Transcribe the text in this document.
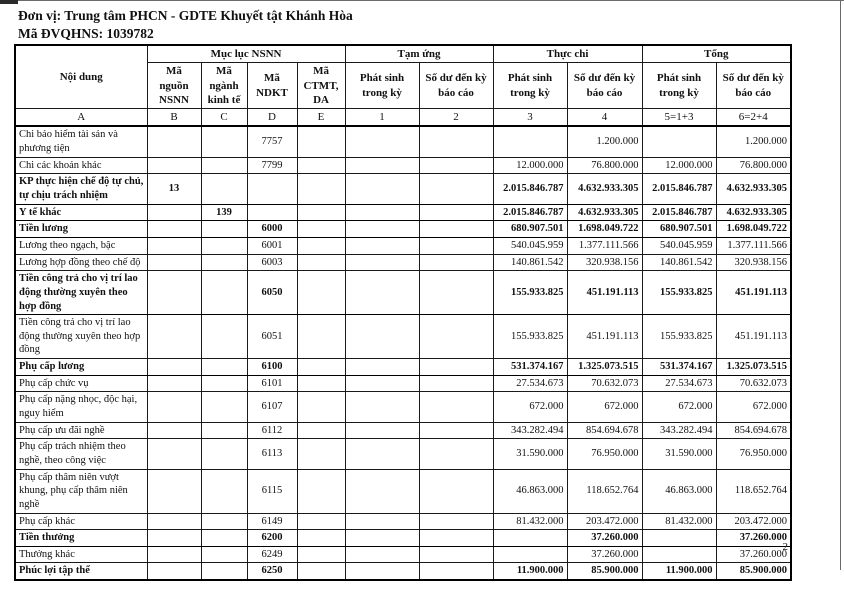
Đơn vị: Trung tâm PHCN - GDTE Khuyết tật Khánh Hòa
Mã ĐVQHNS: 1039782
Nội dung	Mục lục NSNN				Tạm ứng		Thực chi		Tổng	
	Mã nguồn NSNN	Mã ngành kinh tế	Mã NDKT	Mã CTMT, DA	Phát sinh trong kỳ	Số dư đến kỳ báo cáo	Phát sinh trong kỳ	Số dư đến kỳ báo cáo	Phát sinh trong kỳ	Số dư đến kỳ báo cáo
A	B	C	D	E	1	2	3	4	5=1+3	6=2+4
Chi bảo hiểm tài sản và phương tiện			7757					1.200.000		1.200.000
Chi các khoản khác			7799				12.000.000	76.800.000	12.000.000	76.800.000
KP thực hiện chế độ tự chủ, tự chịu trách nhiệm	13						2.015.846.787	4.632.933.305	2.015.846.787	4.632.933.305
Y tế khác		139					2.015.846.787	4.632.933.305	2.015.846.787	4.632.933.305
Tiền lương			6000				680.907.501	1.698.049.722	680.907.501	1.698.049.722
Lương theo ngạch, bậc			6001				540.045.959	1.377.111.566	540.045.959	1.377.111.566
Lương hợp đồng theo chế độ			6003				140.861.542	320.938.156	140.861.542	320.938.156
Tiền công trả cho vị trí lao động thường xuyên theo hợp đồng			6050				155.933.825	451.191.113	155.933.825	451.191.113
Tiền công trả cho vị trí lao động thường xuyên theo hợp đồng			6051				155.933.825	451.191.113	155.933.825	451.191.113
Phụ cấp lương			6100				531.374.167	1.325.073.515	531.374.167	1.325.073.515
Phụ cấp chức vụ			6101				27.534.673	70.632.073	27.534.673	70.632.073
Phụ cấp nặng nhọc, độc hại, nguy hiểm			6107				672.000	672.000	672.000	672.000
Phụ cấp ưu đãi nghề			6112				343.282.494	854.694.678	343.282.494	854.694.678
Phụ cấp trách nhiệm theo nghề, theo công việc			6113				31.590.000	76.950.000	31.590.000	76.950.000
Phụ cấp thâm niên vượt khung, phụ cấp thâm niên nghề			6115				46.863.000	118.652.764	46.863.000	118.652.764
Phụ cấp khác			6149				81.432.000	203.472.000	81.432.000	203.472.000
Tiền thưởng			6200					37.260.000		37.260.000
Thưởng khác			6249					37.260.000		37.260.000
Phúc lợi tập thể			6250				11.900.000	85.900.000	11.900.000	85.900.000
2
